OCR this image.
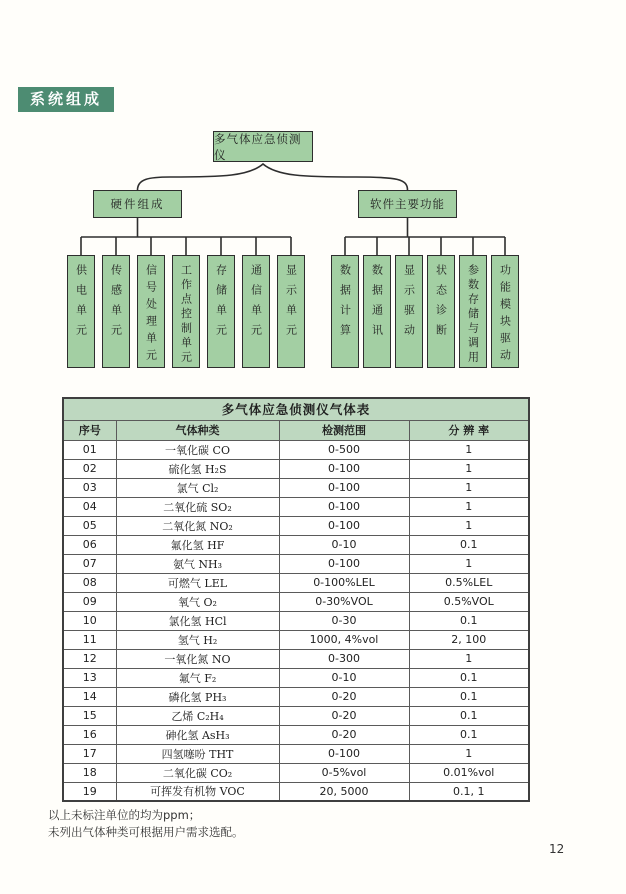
系统组成
多气体应急侦测仪
硬件组成	软件主要功能
供电单元 传感单元 信号处理单元 工作点控制单元 存储单元 通信单元 显示单元	数据计算 数据通讯 显示驱动 状态诊断 参数存储与调用 功能模块驱动
多气体应急侦测仪气体表			
序号	气体种类	检测范围	分 辨 率
01	一氧化碳 CO	0-500	1
02	硫化氢 H₂S	0-100	1
03	氯气 Cl₂	0-100	1
04	二氧化硫 SO₂	0-100	1
05	二氧化氮 NO₂	0-100	1
06	氟化氢 HF	0-10	0.1
07	氨气 NH₃	0-100	1
08	可燃气 LEL	0-100%LEL	0.5%LEL
09	氧气 O₂	0-30%VOL	0.5%VOL
10	氯化氢 HCl	0-30	0.1
11	氢气 H₂	1000, 4%vol	2, 100
12	一氧化氮 NO	0-300	1
13	氟气 F₂	0-10	0.1
14	磷化氢 PH₃	0-20	0.1
15	乙烯 C₂H₄	0-20	0.1
16	砷化氢 AsH₃	0-20	0.1
17	四氢噻吩 THT	0-100	1
18	二氧化碳 CO₂	0-5%vol	0.01%vol
19	可挥发有机物 VOC	20, 5000	0.1, 1
以上未标注单位的均为ppm；
未列出气体种类可根据用户需求选配。
12
